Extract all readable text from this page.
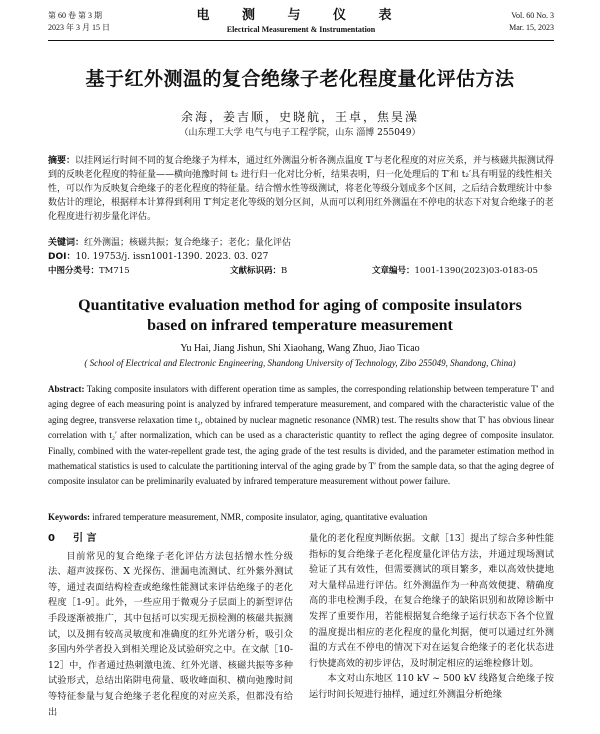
第 60 卷 第 3 期
2023 年 3 月 15 日
电 测 与 仪 表
Electrical Measurement & Instrumentation
Vol. 60 No. 3
Mar. 15, 2023
基于红外测温的复合绝缘子老化程度量化评估方法
余海，姜吉顺，史晓航，王卓，焦昊澡
（山东理工大学 电气与电子工程学院，山东 淄博 255049）
摘要：以挂网运行时间不同的复合绝缘子为样本，通过红外测温分析各测点温度 T′与老化程度的对应关系，并与核磁共振测试得到的反映老化程度的特征量——横向弛豫时间 t₂ 进行归一化对比分析，结果表明，归一化处理后的 T′和 t₂′具有明显的线性相关性，可以作为反映复合绝缘子的老化程度的特征量。结合憎水性等级测试，将老化等级分划成多个区间，之后结合数理统计中参数估计的理论，根据样本计算得到利用 T′判定老化等级的划分区间，从而可以利用红外测温在不停电的状态下对复合绝缘子的老化程度进行初步量化评估。
关键词：红外测温；核磁共振；复合绝缘子；老化；量化评估
DOI：10. 19753/j. issn1001-1390. 2023. 03. 027
中图分类号：TM715	文献标识码：B	文章编号：1001-1390(2023)03-0183-05
Quantitative evaluation method for aging of composite insulators
based on infrared temperature measurement
Yu Hai, Jiang Jishun, Shi Xiaohang, Wang Zhuo, Jiao Ticao
( School of Electrical and Electronic Engineering, Shandong University of Technology, Zibo 255049, Shandong, China)
Abstract: Taking composite insulators with different operation time as samples, the corresponding relationship between temperature T′ and aging degree of each measuring point is analyzed by infrared temperature measurement, and compared with the characteristic value of the aging degree, transverse relaxation time t₂, obtained by nuclear magnetic resonance (NMR) test. The results show that T′ has obvious linear correlation with t₂′ after normalization, which can be used as a characteristic quantity to reflect the aging degree of composite insulator. Finally, combined with the water-repellent grade test, the aging grade of the test results is divided, and the parameter estimation method in mathematical statistics is used to calculate the partitioning interval of the aging grade by T′ from the sample data, so that the aging degree of composite insulator can be preliminarily evaluated by infrared temperature measurement without power failure.
Keywords: infrared temperature measurement, NMR, composite insulator, aging, quantitative evaluation
0 引 言

目前常见的复合绝缘子老化评估方法包括憎水性分级法、超声波探伤、X 光探伤、泄漏电流测试、红外紫外测试等，通过表面结构检查或绝缘性能测试来评估绝缘子的老化程度［1-9］。此外，一些应用于微观分子层面上的新型评估手段逐渐被推广，其中包括可以实现无损检测的核磁共振测试，以及拥有较高灵敏度和准确度的红外光谱分析，吸引众多国内外学者投入到相关理论及试验研究之中。在文献［10-12］中，作者通过热刺激电流、红外光谱、核磁共振等多种试验形式，总结出陷阱电荷量、吸收峰面积、横向弛豫时间等特征参量与复合绝缘子老化程度的对应关系，但都没有给出

量化的老化程度判断依据。文献［13］提出了综合多种性能指标的复合绝缘子老化程度量化评估方法，并通过现场测试验证了其有效性，但需要测试的项目繁多，难以高效快捷地对大量样品进行评估。红外测温作为一种高效便捷、精确度高的非电检测手段，在复合绝缘子的缺陷识别和故障诊断中发挥了重要作用，若能根据复合绝缘子运行状态下各个位置的温度提出相应的老化程度的量化判据，便可以通过红外测温的方式在不停电的情况下对在运复合绝缘子的老化状态进行快捷高效的初步评估，及时制定相应的运维检修计划。

本文对山东地区 110 kV ~ 500 kV 线路复合绝缘子按运行时间长短进行抽样，通过红外测温分析绝缘
